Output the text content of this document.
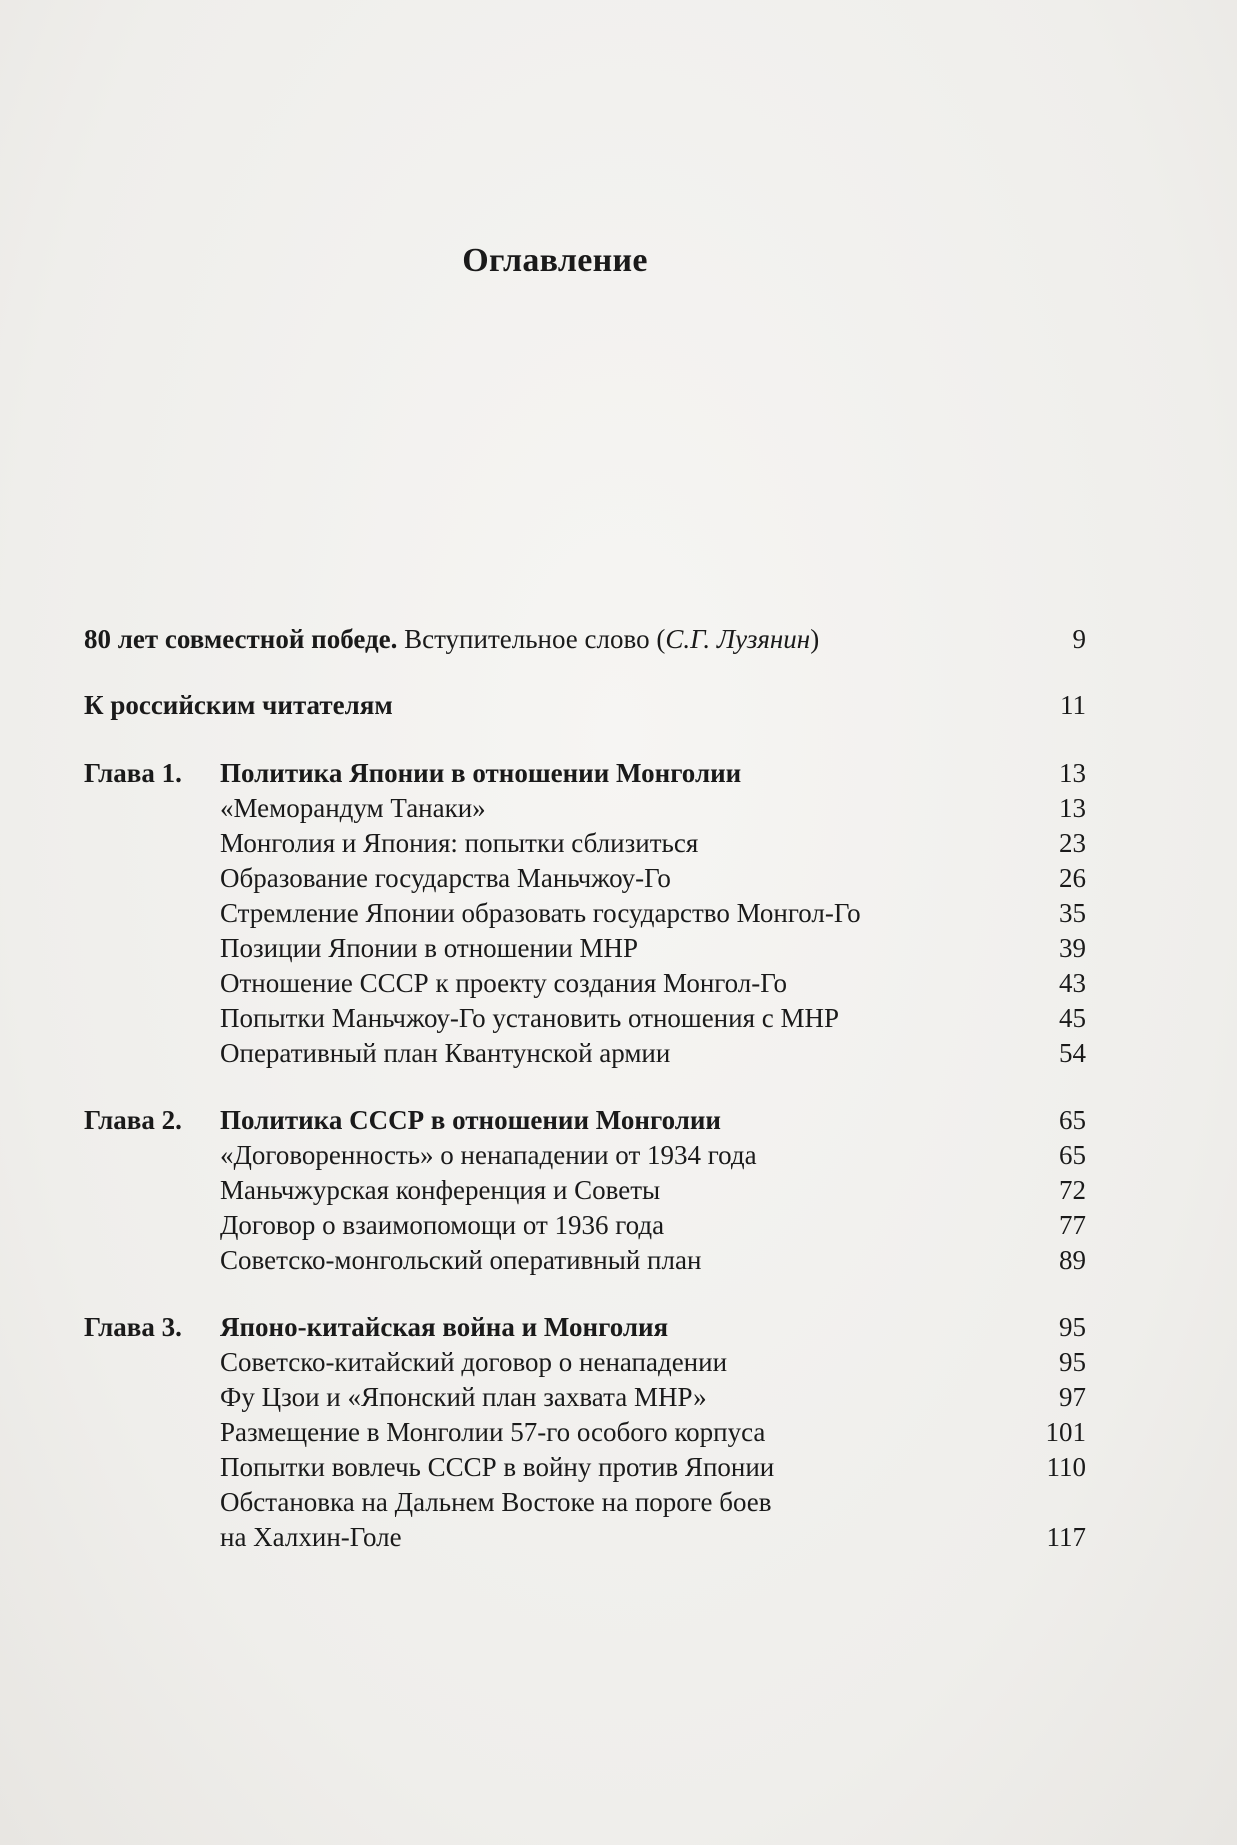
Оглавление
80 лет совместной победе. Вступительное слово (С.Г. Лузянин)	9
К российским читателям	11
Глава 1. Политика Японии в отношении Монголии	13
«Меморандум Танаки»	13
Монголия и Япония: попытки сблизиться	23
Образование государства Маньчжоу-Го	26
Стремление Японии образовать государство Монгол-Го	35
Позиции Японии в отношении МНР	39
Отношение СССР к проекту создания Монгол-Го	43
Попытки Маньчжоу-Го установить отношения с МНР	45
Оперативный план Квантунской армии	54
Глава 2. Политика СССР в отношении Монголии	65
«Договоренность» о ненападении от 1934 года	65
Маньчжурская конференция и Советы	72
Договор о взаимопомощи от 1936 года	77
Советско-монгольский оперативный план	89
Глава 3. Японо-китайская война и Монголия	95
Советско-китайский договор о ненападении	95
Фу Цзои и «Японский план захвата МНР»	97
Размещение в Монголии 57-го особого корпуса	101
Попытки вовлечь СССР в войну против Японии	110
Обстановка на Дальнем Востоке на пороге боев
на Халхин-Голе	117
